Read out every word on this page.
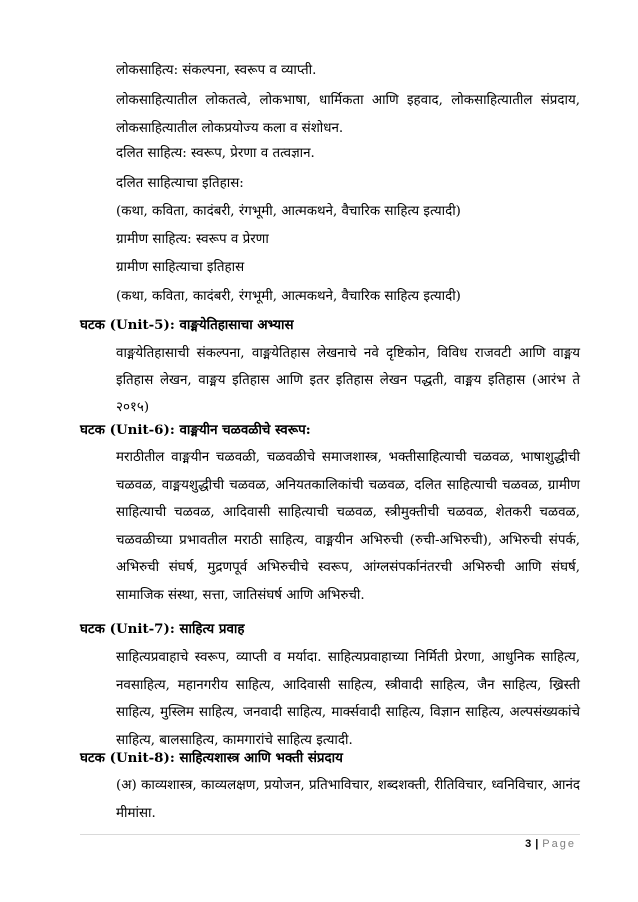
लोकसाहित्य: संकल्पना, स्वरूप व व्याप्ती.
लोकसाहित्यातील लोकतत्वे, लोकभाषा, धार्मिकता आणि इहवाद, लोकसाहित्यातील संप्रदाय, लोकसाहित्यातील लोकप्रयोज्य कला व संशोधन.
दलित साहित्य: स्वरूप, प्रेरणा व तत्वज्ञान.
दलित साहित्याचा इतिहास:
(कथा, कविता, कादंबरी, रंगभूमी, आत्मकथने, वैचारिक साहित्य इत्यादी)
ग्रामीण साहित्य: स्वरूप व प्रेरणा
ग्रामीण साहित्याचा इतिहास
(कथा, कविता, कादंबरी, रंगभूमी, आत्मकथने, वैचारिक साहित्य इत्यादी)
घटक (Unit-5): वाङ्मयेतिहासाचा अभ्यास
वाङ्मयेतिहासाची संकल्पना, वाङ्मयेतिहास लेखनाचे नवे दृष्टिकोन, विविध राजवटी आणि वाङ्मय इतिहास लेखन, वाङ्मय इतिहास आणि इतर इतिहास लेखन पद्धती, वाङ्मय इतिहास (आरंभ ते २०१५)
घटक (Unit-6): वाङ्मयीन चळवळीचे स्वरूप:
मराठीतील वाङ्मयीन चळवळी, चळवळीचे समाजशास्त्र, भक्तीसाहित्याची चळवळ, भाषाशुद्धीची चळवळ, वाङ्मयशुद्धीची चळवळ, अनियतकालिकांची चळवळ, दलित साहित्याची चळवळ, ग्रामीण साहित्याची चळवळ, आदिवासी साहित्याची चळवळ, स्त्रीमुक्तीची चळवळ, शेतकरी चळवळ, चळवळीच्या प्रभावतील मराठी साहित्य, वाङ्मयीन अभिरुची (रुची-अभिरुची), अभिरुची संपर्क, अभिरुची संघर्ष, मुद्रणपूर्व अभिरुचीचे स्वरूप, आंग्लसंपर्कानंतरची अभिरुची आणि संघर्ष, सामाजिक संस्था, सत्ता, जातिसंघर्ष आणि अभिरुची.
घटक (Unit-7): साहित्य प्रवाह
साहित्यप्रवाहाचे स्वरूप, व्याप्ती व मर्यादा. साहित्यप्रवाहाच्या निर्मिती प्रेरणा, आधुनिक साहित्य, नवसाहित्य, महानगरीय साहित्य, आदिवासी साहित्य, स्त्रीवादी साहित्य, जैन साहित्य, ख्रिस्ती साहित्य, मुस्लिम साहित्य, जनवादी साहित्य, मार्क्सवादी साहित्य, विज्ञान साहित्य, अल्पसंख्यकांचे साहित्य, बालसाहित्य, कामगारांचे साहित्य इत्यादी.
घटक (Unit-8): साहित्यशास्त्र आणि भक्ती संप्रदाय
(अ) काव्यशास्त्र, काव्यलक्षण, प्रयोजन, प्रतिभाविचार, शब्दशक्ती, रीतिविचार, ध्वनिविचार, आनंद मीमांसा.
3 | Page
